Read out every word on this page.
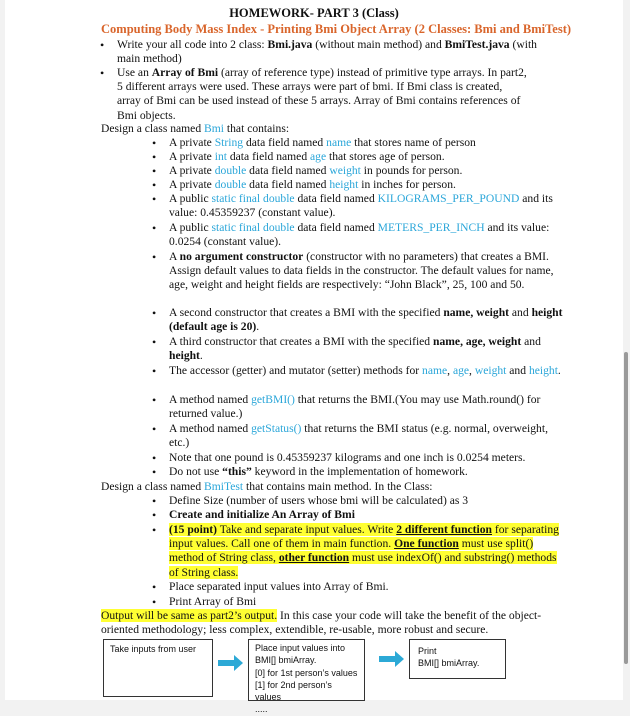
HOMEWORK- PART 3 (Class)
Computing Body Mass Index - Printing Bmi Object Array (2 Classes: Bmi and BmiTest)
• Write your all code into 2 class: Bmi.java (without main method) and BmiTest.java (with main method)
• Use an Array of Bmi (array of reference type) instead of primitive type arrays. In part2, 5 different arrays were used. These arrays were part of bmi. If Bmi class is created, array of Bmi can be used instead of these 5 arrays. Array of Bmi contains references of Bmi objects.
Design a class named Bmi that contains:
• A private String data field named name that stores name of person
• A private int data field named age that stores age of person.
• A private double data field named weight in pounds for person.
• A private double data field named height in inches for person.
• A public static final double data field named KILOGRAMS_PER_POUND and its value: 0.45359237 (constant value).
• A public static final double data field named METERS_PER_INCH and its value: 0.0254 (constant value).
• A no argument constructor (constructor with no parameters) that creates a BMI. Assign default values to data fields in the constructor. The default values for name, age, weight and height fields are respectively: “John Black”, 25, 100 and 50.
• A second constructor that creates a BMI with the specified name, weight and height (default age is 20).
• A third constructor that creates a BMI with the specified name, age, weight and height.
• The accessor (getter) and mutator (setter) methods for name, age, weight and height.
• A method named getBMI() that returns the BMI.(You may use Math.round() for returned value.)
• A method named getStatus() that returns the BMI status (e.g. normal, overweight, etc.)
• Note that one pound is 0.45359237 kilograms and one inch is 0.0254 meters.
• Do not use “this” keyword in the implementation of homework.
Design a class named BmiTest that contains main method. In the Class:
• Define Size (number of users whose bmi will be calculated) as 3
• Create and initialize An Array of Bmi
• (15 point) Take and separate input values. Write 2 different function for separating input values. Call one of them in main function. One function must use split() method of String class, other function must use indexOf() and substring() methods of String class.
• Place separated input values into Array of Bmi.
• Print Array of Bmi
Output will be same as part2’s output. In this case your code will take the benefit of the object-oriented methodology; less complex, extendible, re-usable, more robust and secure.
Take inputs from user	Place input values into
BMI[] bmiArray.
[0] for 1st person’s values
[1] for 2nd person’s values
.....
Print
BMI[] bmiArray.
